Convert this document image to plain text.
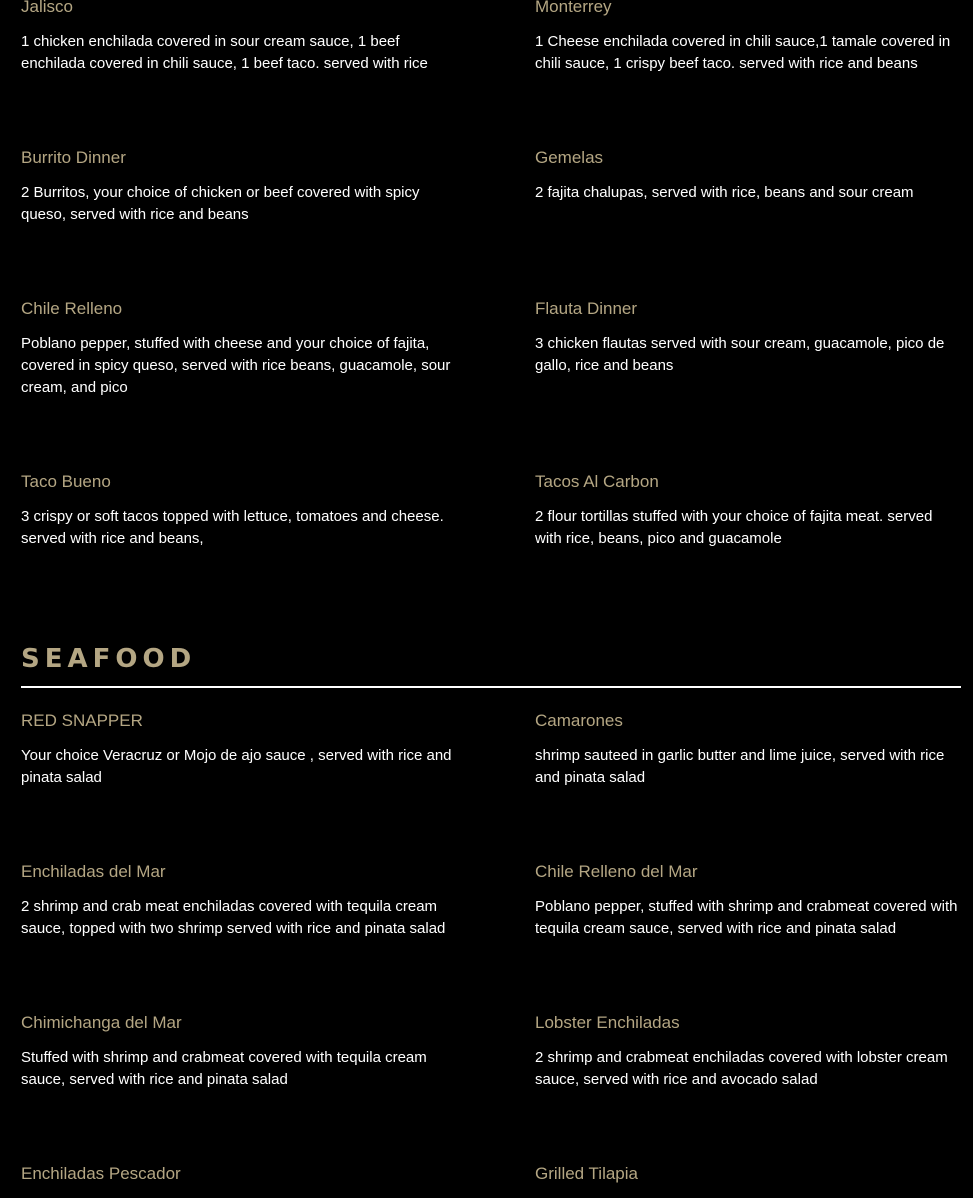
Jalisco
1 chicken enchilada covered in sour cream sauce, 1 beef enchilada covered in chili sauce, 1 beef taco. served with rice
Monterrey
1 Cheese enchilada covered in chili sauce,1 tamale covered in chili sauce, 1 crispy beef taco. served with rice and beans
Burrito Dinner
2 Burritos, your choice of chicken or beef covered with spicy queso, served with rice and beans
Gemelas
2 fajita chalupas, served with rice, beans and sour cream
Chile Relleno
Poblano pepper, stuffed with cheese and your choice of fajita, covered in spicy queso, served with rice beans, guacamole, sour cream, and pico
Flauta Dinner
3 chicken flautas served with sour cream, guacamole, pico de gallo, rice and beans
Taco Bueno
3 crispy or soft tacos topped with lettuce, tomatoes and cheese. served with rice and beans,
Tacos Al Carbon
2 flour tortillas stuffed with your choice of fajita meat. served with rice, beans, pico and guacamole
SEAFOOD
RED SNAPPER
Your choice Veracruz or Mojo de ajo sauce , served with rice and pinata salad
Camarones
shrimp sauteed in garlic butter and lime juice, served with rice and pinata salad
Enchiladas del Mar
2 shrimp and crab meat enchiladas covered with tequila cream sauce, topped with two shrimp served with rice and pinata salad
Chile Relleno del Mar
Poblano pepper, stuffed with shrimp and crabmeat covered with tequila cream sauce, served with rice and pinata salad
Chimichanga del Mar
Stuffed with shrimp and crabmeat covered with tequila cream sauce, served with rice and pinata salad
Lobster Enchiladas
2 shrimp and crabmeat enchiladas covered with lobster cream sauce, served with rice and avocado salad
Enchiladas Pescador	Grilled Tilapia
